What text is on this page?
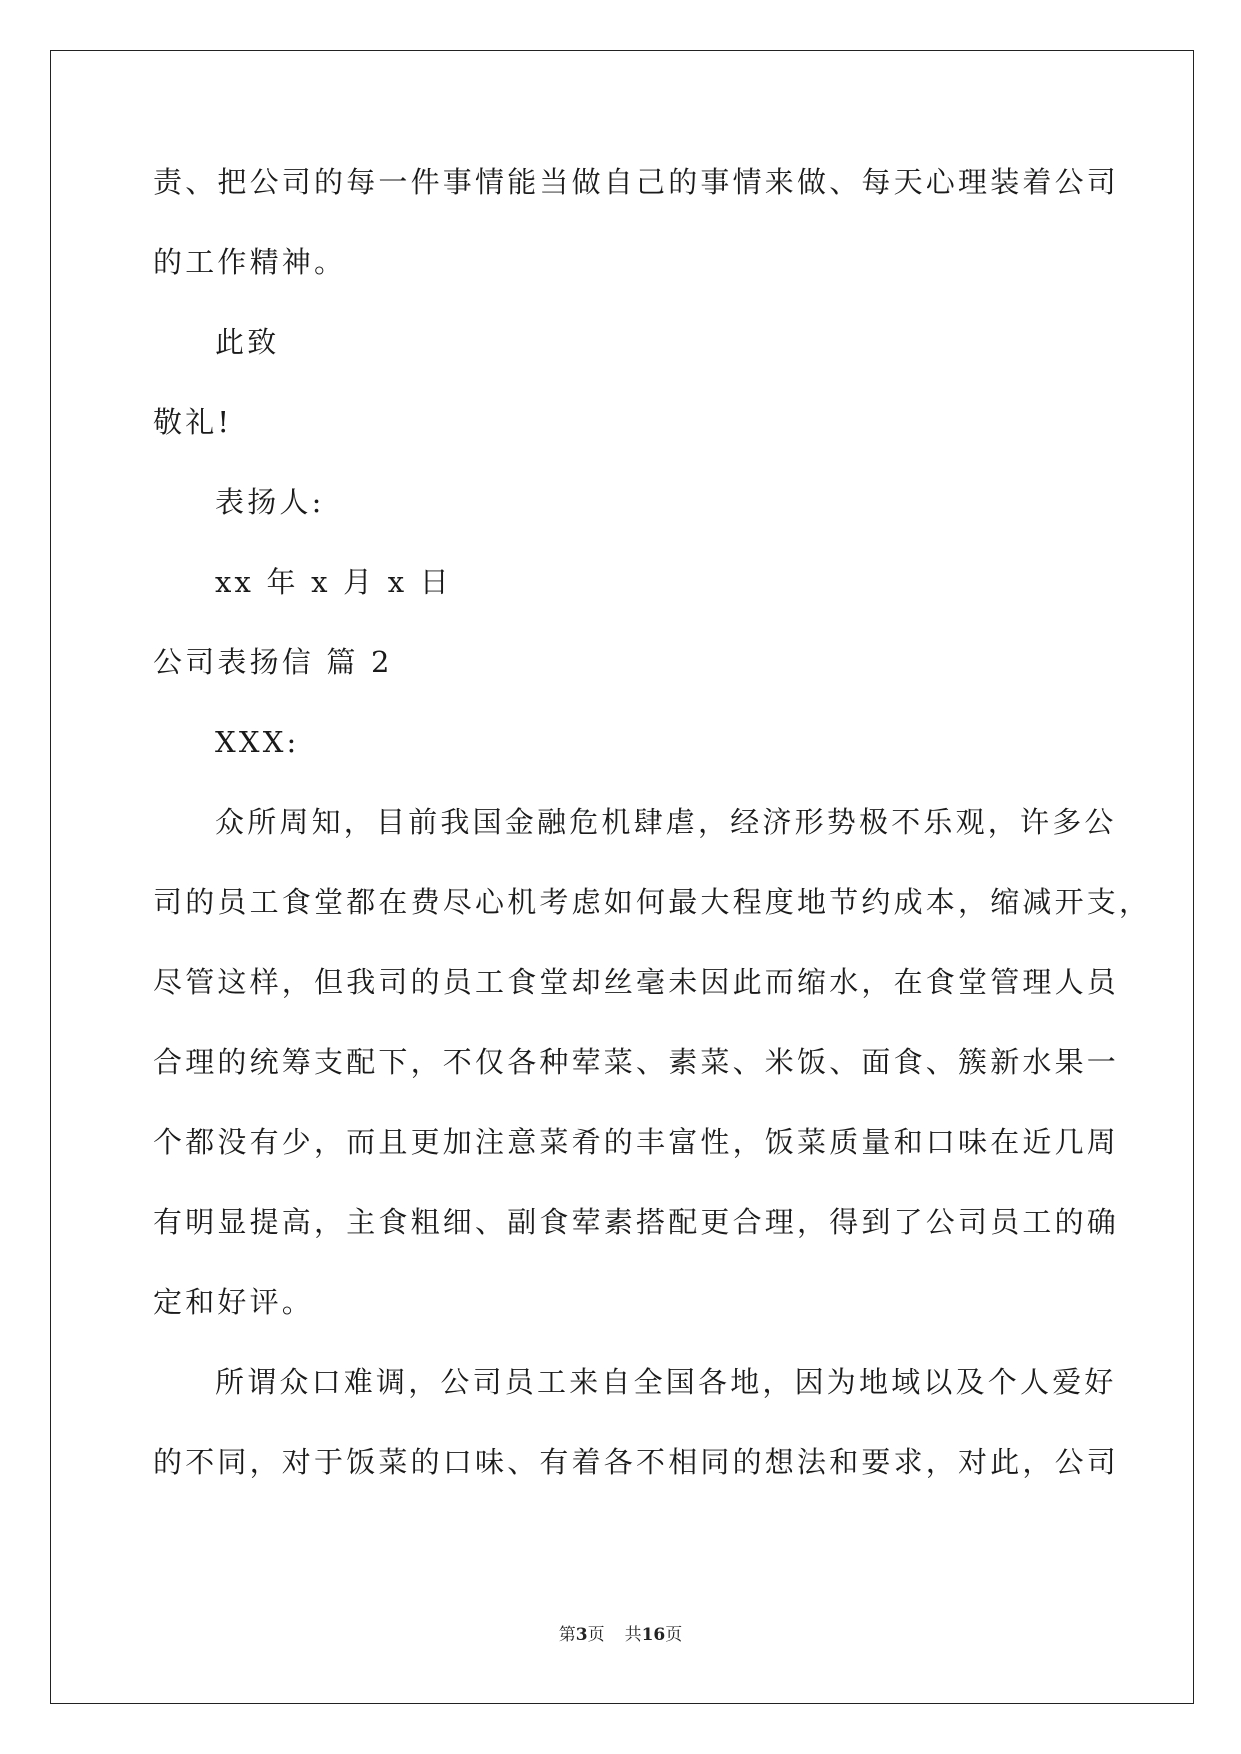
责、把公司的每一件事情能当做自己的事情来做、每天心理装着公司
的工作精神。
此致
敬礼!
表扬人:
xx 年 x 月 x 日
公司表扬信 篇 2
XXX:
众所周知，目前我国金融危机肆虐，经济形势极不乐观，许多公
司的员工食堂都在费尽心机考虑如何最大程度地节约成本，缩减开支，
尽管这样，但我司的员工食堂却丝毫未因此而缩水，在食堂管理人员
合理的统筹支配下，不仅各种荤菜、素菜、米饭、面食、簇新水果一
个都没有少，而且更加注意菜肴的丰富性，饭菜质量和口味在近几周
有明显提高，主食粗细、副食荤素搭配更合理，得到了公司员工的确
定和好评。
所谓众口难调，公司员工来自全国各地，因为地域以及个人爱好
的不同，对于饭菜的口味、有着各不相同的想法和要求，对此，公司
第3页 共16页
